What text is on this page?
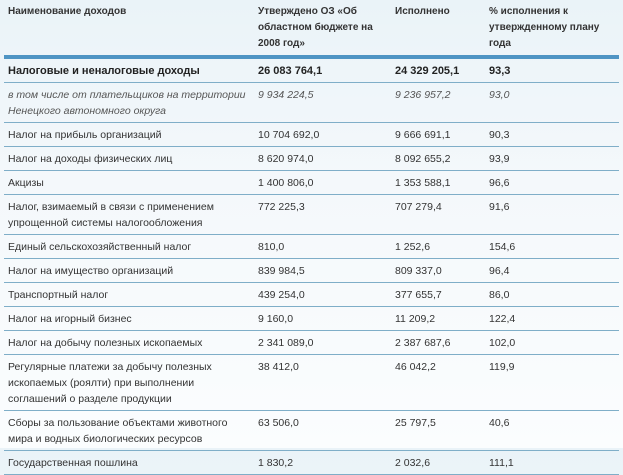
Наименование доходов	Утверждено ОЗ «Об областном бюджете на 2008 год»	Исполнено	% исполнения к утвержденному плану года
Налоговые и неналоговые доходы	26 083 764,1	24 329 205,1	93,3
в том числе от плательщиков на территории Ненецкого автономного округа	9 934 224,5	9 236 957,2	93,0
Налог на прибыль организаций	10 704 692,0	9 666 691,1	90,3
Налог на доходы физических лиц	8 620 974,0	8 092 655,2	93,9
Акцизы	1 400 806,0	1 353 588,1	96,6
Налог, взимаемый в связи с применением упрощенной системы налогообложения	772 225,3	707 279,4	91,6
Единый сельскохозяйственный налог	810,0	1 252,6	154,6
Налог на имущество организаций	839 984,5	809 337,0	96,4
Транспортный налог	439 254,0	377 655,7	86,0
Налог на игорный бизнес	9 160,0	11 209,2	122,4
Налог на добычу полезных ископаемых	2 341 089,0	2 387 687,6	102,0
Регулярные платежи за добычу полезных ископаемых (роялти) при выполнении соглашений о разделе продукции	38 412,0	46 042,2	119,9
Сборы за пользование объектами животного мира и водных биологических ресурсов	63 506,0	25 797,5	40,6
Государственная пошлина	1 830,2	2 032,6	111,1
